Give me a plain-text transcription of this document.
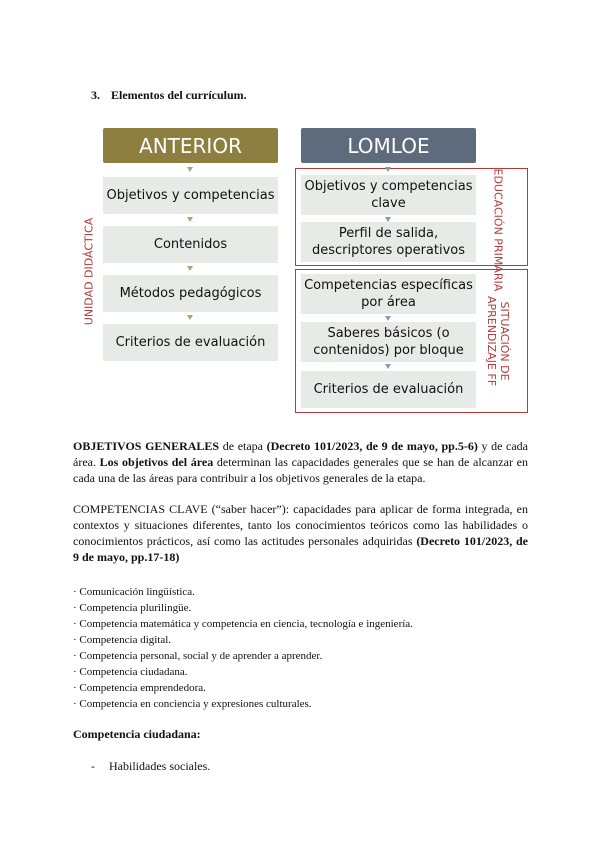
3. Elementos del currículum.
ANTERIOR	LOMLOE
UNIDAD DIDÁCTICA
Objetivos y competencias
Contenidos
Métodos pedagógicos
Criterios de evaluación
EDUCACIÓN PRIMARIA
SITUACIÓN DE APRENDIZAJE FF
Objetivos y competencias clave
Perfil de salida, descriptores operativos
Competencias específicas por área
Saberes básicos (o contenidos) por bloque
Criterios de evaluación
OBJETIVOS GENERALES de etapa (Decreto 101/2023, de 9 de mayo, pp.5-6) y de cada área. Los objetivos del área determinan las capacidades generales que se han de alcanzar en cada una de las áreas para contribuir a los objetivos generales de la etapa.
COMPETENCIAS CLAVE (“saber hacer”): capacidades para aplicar de forma integrada, en contextos y situaciones diferentes, tanto los conocimientos teóricos como las habilidades o conocimientos prácticos, así como las actitudes personales adquiridas (Decreto 101/2023, de 9 de mayo, pp.17-18)
· Comunicación lingüística.
· Competencia plurilingüe.
· Competencia matemática y competencia en ciencia, tecnología e ingeniería.
· Competencia digital.
· Competencia personal, social y de aprender a aprender.
· Competencia ciudadana.
· Competencia emprendedora.
· Competencia en conciencia y expresiones culturales.
Competencia ciudadana:
- Habilidades sociales.
